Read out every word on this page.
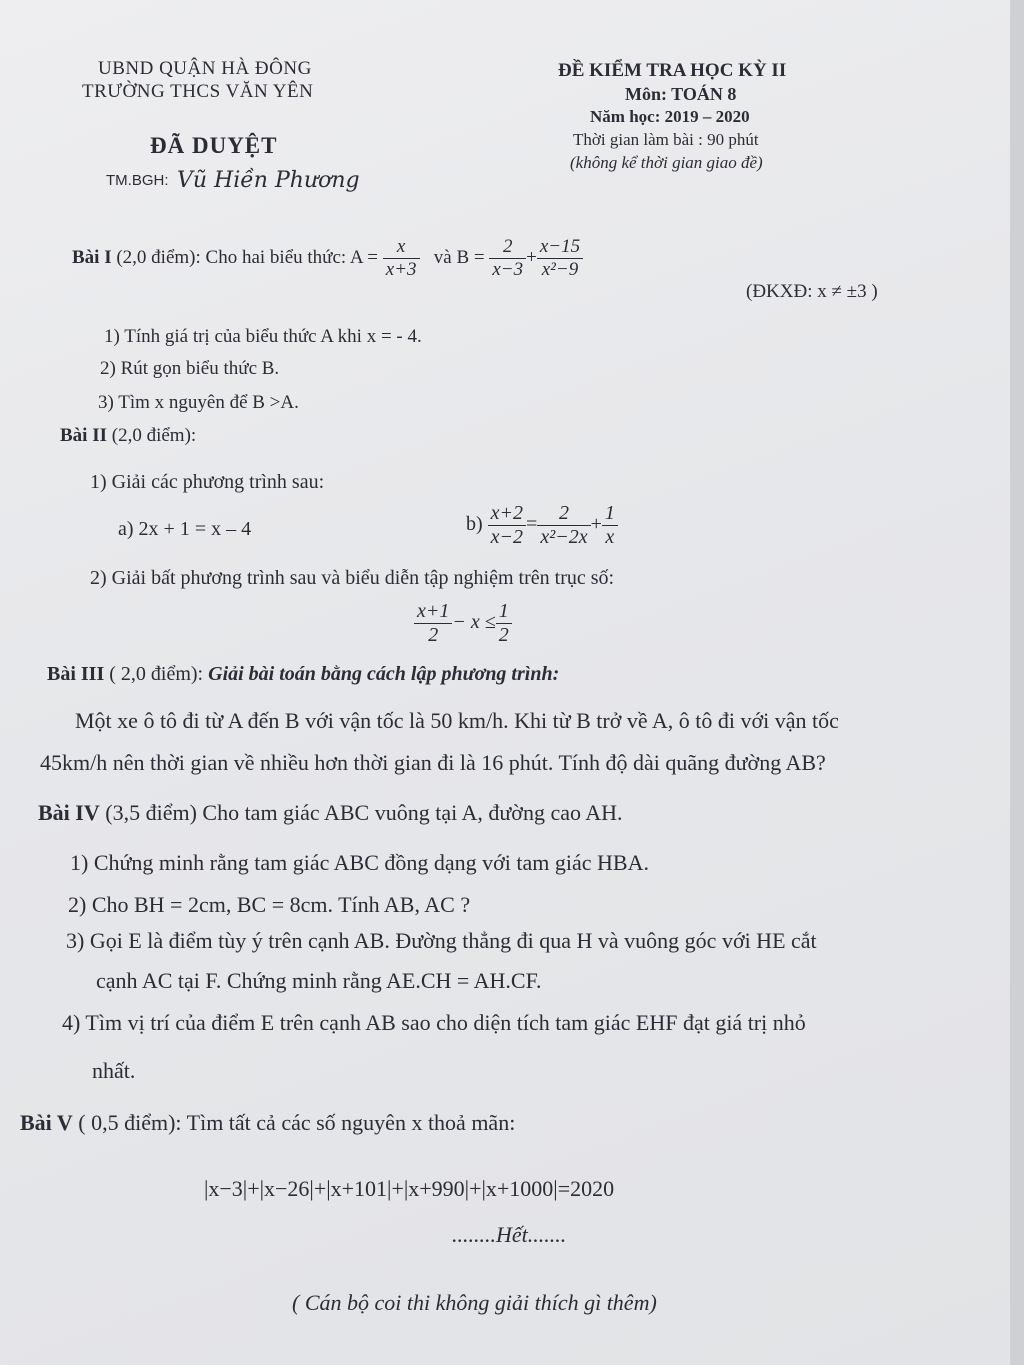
UBND QUẬN HÀ ĐÔNG
TRƯỜNG THCS VĂN YÊN
ĐÃ DUYỆT
TM.BGH: Vũ Hiền Phương
ĐỀ KIỂM TRA HỌC KỲ II
Môn: TOÁN 8
Năm học: 2019 – 2020
Thời gian làm bài : 90 phút
(không kể thời gian giao đề)
Bài I (2,0 điểm): Cho hai biểu thức: $A = \frac{x}{x+3}$ và $B = \frac{2}{x-3} + \frac{x-15}{\text{x²−9}}$
(ĐKXĐ: x ≠ ±3 )
1) Tính giá trị của biểu thức A khi x = - 4.
2) Rút gọn biểu thức B.
3) Tìm x nguyên để B >A.
Bài II (2,0 điểm):
1) Giải các phương trình sau:
a) 2x + 1 = x – 4	$b) \frac{x+2}{x-2} = \frac{2}{\text{x²−2x}} + \frac{1}{x}$
2) Giải bất phương trình sau và biểu diễn tập nghiệm trên trục số:
$\frac{x+1}{2} - x \le \frac{1}{2}$
Bài III ( 2,0 điểm): Giải bài toán bằng cách lập phương trình:
Một xe ô tô đi từ A đến B với vận tốc là 50 km/h. Khi từ B trở về A, ô tô đi với vận tốc
45km/h nên thời gian về nhiều hơn thời gian đi là 16 phút. Tính độ dài quãng đường AB?
Bài IV (3,5 điểm) Cho tam giác ABC vuông tại A, đường cao AH.
1) Chứng minh rằng tam giác ABC đồng dạng với tam giác HBA.
2) Cho BH = 2cm, BC = 8cm. Tính AB, AC ?
3) Gọi E là điểm tùy ý trên cạnh AB. Đường thẳng đi qua H và vuông góc với HE cắt
cạnh AC tại F. Chứng minh rằng AE.CH = AH.CF.
4) Tìm vị trí của điểm E trên cạnh AB sao cho diện tích tam giác EHF đạt giá trị nhỏ
nhất.
Bài V ( 0,5 điểm): Tìm tất cả các số nguyên x thoả mãn:
|x−3|+|x−26|+|x+101|+|x+990|+|x+1000|=2020
........Hết.......
( Cán bộ coi thi không giải thích gì thêm)
